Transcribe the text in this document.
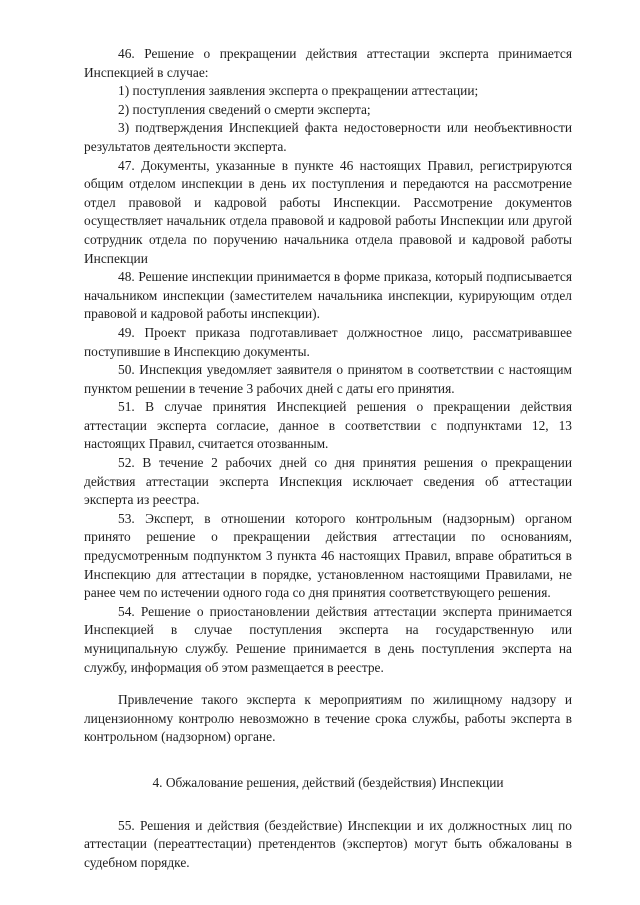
46. Решение о прекращении действия аттестации эксперта принимается Инспекцией в случае:

1) поступления заявления эксперта о прекращении аттестации;

2) поступления сведений о смерти эксперта;

3) подтверждения Инспекцией факта недостоверности или необъективности результатов деятельности эксперта.

47. Документы, указанные в пункте 46 настоящих Правил, регистрируются общим отделом инспекции в день их поступления и передаются на рассмотрение отдел правовой и кадровой работы Инспекции. Рассмотрение документов осуществляет начальник отдела правовой и кадровой работы Инспекции или другой сотрудник отдела по поручению начальника отдела правовой и кадровой работы Инспекции

48. Решение инспекции принимается в форме приказа, который подписывается начальником инспекции (заместителем начальника инспекции, курирующим отдел правовой и кадровой работы инспекции).

49. Проект приказа подготавливает должностное лицо, рассматривавшее поступившие в Инспекцию документы.

50. Инспекция уведомляет заявителя о принятом в соответствии с настоящим пунктом решении в течение 3 рабочих дней с даты его принятия.

51. В случае принятия Инспекцией решения о прекращении действия аттестации эксперта согласие, данное в соответствии с подпунктами 12, 13 настоящих Правил, считается отозванным.

52. В течение 2 рабочих дней со дня принятия решения о прекращении действия аттестации эксперта Инспекция исключает сведения об аттестации эксперта из реестра.

53. Эксперт, в отношении которого контрольным (надзорным) органом принято решение о прекращении действия аттестации по основаниям, предусмотренным подпунктом 3 пункта 46 настоящих Правил, вправе обратиться в Инспекцию для аттестации в порядке, установленном настоящими Правилами, не ранее чем по истечении одного года со дня принятия соответствующего решения.

54. Решение о приостановлении действия аттестации эксперта принимается Инспекцией в случае поступления эксперта на государственную или муниципальную службу. Решение принимается в день поступления эксперта на службу, информация об этом размещается в реестре.

Привлечение такого эксперта к мероприятиям по жилищному надзору и лицензионному контролю невозможно в течение срока службы, работы эксперта в контрольном (надзорном) органе.

4. Обжалование решения, действий (бездействия) Инспекции

55. Решения и действия (бездействие) Инспекции и их должностных лиц по аттестации (переаттестации) претендентов (экспертов) могут быть обжалованы в судебном порядке.
